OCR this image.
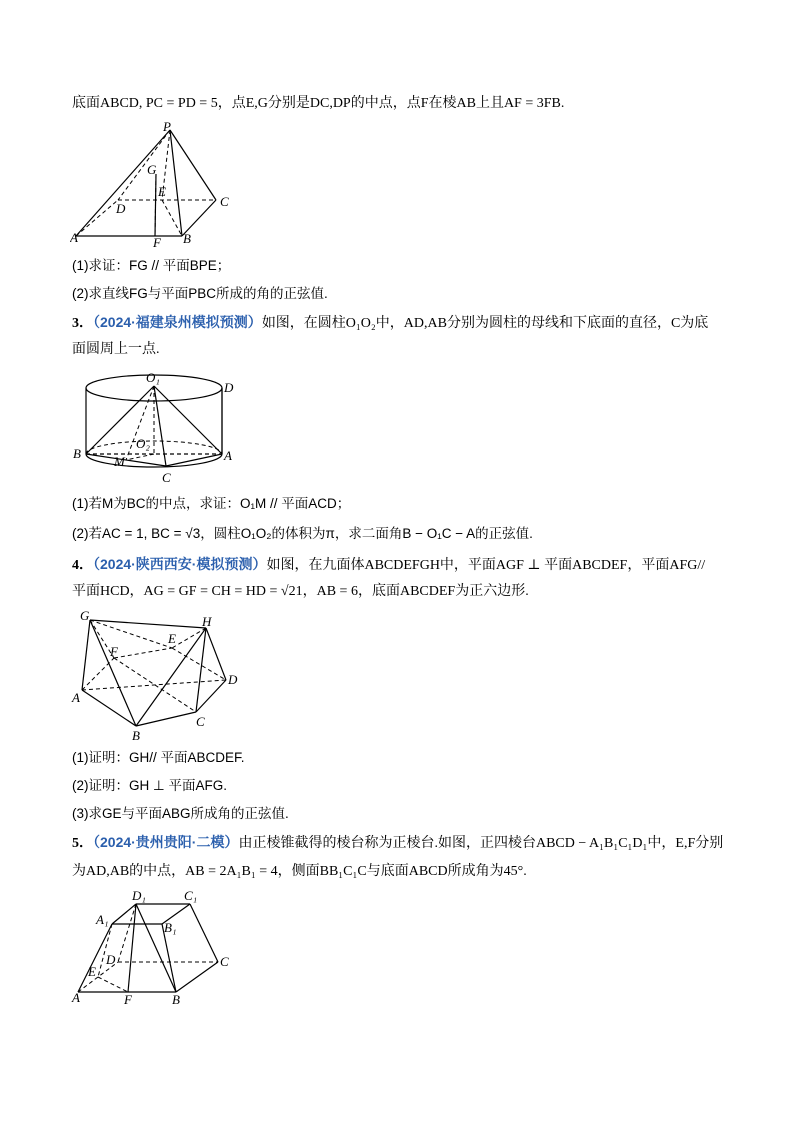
底面ABCD, PC = PD = 5，点E,G分别是DC,DP的中点，点F在棱AB上且AF = 3FB.
P
G
D
E
C
A	F B
(1)求证：FG // 平面BPE；
(2)求直线FG与平面PBC所成的角的正弦值.
3．（2024·福建泉州模拟预测）如图，在圆柱O₁O₂中，AD,AB分别为圆柱的母线和下底面的直径，C为底
面圆周上一点.
O₁
D
O₂
B
M	A
C
(1)若M为BC的中点，求证：O₁M // 平面ACD；
(2)若AC = 1, BC = √3，圆柱O₁O₂的体积为π，求二面角B − O₁C − A的正弦值.
4．（2024·陕西西安·模拟预测）如图，在九面体ABCDEFGH中，平面AGF ⊥ 平面ABCDEF，平面AFG//
平面HCD，AG = GF = CH = HD = √21，AB = 6，底面ABCDEF为正六边形.
G	H
E
F
D
A
C
B
(1)证明：GH// 平面ABCDEF.
(2)证明：GH ⊥ 平面AFG.
(3)求GE与平面ABG所成角的正弦值.
5．（2024·贵州贵阳·二模）由正棱锥截得的棱台称为正棱台.如图，正四棱台ABCD − A₁B₁C₁D₁中，E,F分别
为AD,AB的中点，AB = 2A₁B₁ = 4，侧面BB₁C₁C与底面ABCD所成角为45°.
D₁	C₁
A₁
B₁
D	C
E
A	F	B
